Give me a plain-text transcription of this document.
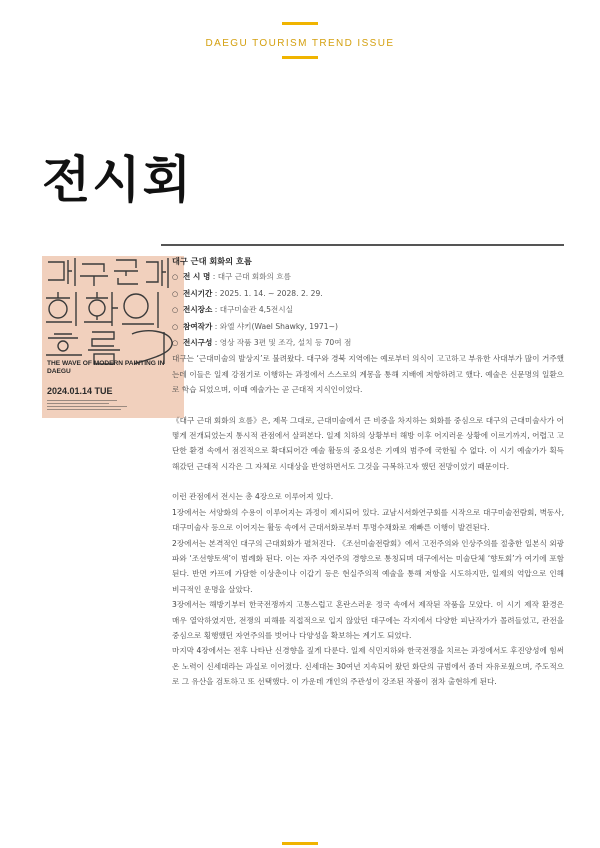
DAEGU TOURISM TREND ISSUE
전시회
THE WAVE OF MODERN PAINTING IN DAEGU
2024.01.14 TUE
대구 근대 회화의 흐름
○ 전 시 명 : 대구 근대 회화의 흐름
○ 전시기간 : 2025. 1. 14. ~ 2028. 2. 29.
○ 전시장소 : 대구미술관 4,5전시실
○ 참여작가 : 와엘 샤키(Wael Shawky, 1971~)
○ 전시구성 : 영상 작품 3편 및 조각, 설치 등 70여 점

대구는 ‘근대미술의 발상지’로 불려왔다. 대구와 경북 지역에는 예로부터 의식이 고고하고 부유한 사대부가 많이 거주했는데 이들은 일제 강점기로 이행하는 과정에서 스스로의 계몽을 통해 지배에 저항하려고 했다. 예술은 신문명의 일환으로 학습 되었으며, 이때 예술가는 곧 근대적 지식인이었다.

《대구 근대 회화의 흐름》은, 제목 그대로, 근대미술에서 큰 비중을 차지하는 회화를 중심으로 대구의 근대미술사가 어떻게 전개되었는지 통시적 관점에서 살펴본다. 일제 치하의 상황부터 해방 이후 어지러운 상황에 이르기까지, 어렵고 고단한 환경 속에서 점진적으로 확대되어간 예술 활동의 중요성은 기예의 범주에 국한될 수 없다. 이 시기 예술가가 획득해갔던 근대적 시각은 그 자체로 시대상을 반영하면서도 그것을 극복하고자 했던 전망이었기 때문이다.

이런 관점에서 전시는 총 4장으로 이루어져 있다.

1장에서는 서양화의 수용이 이루어지는 과정이 제시되어 있다. 교남시서화연구회를 시작으로 대구미술전람회, 벽동사, 대구미술사 등으로 이어지는 활동 속에서 근대서화로부터 투명수채화로 재빠른 이행이 발견된다.

2장에서는 본격적인 대구의 근대회화가 펼쳐진다. 《조선미술전람회》에서 고전주의와 인상주의를 절충한 일본식 외광파와 ‘조선향토색’이 범례화 된다. 이는 자주 자연주의 경향으로 통칭되며 대구에서는 미술단체 ‘향토회’가 여기에 포함된다. 반면 카프에 가담한 이상춘이나 이갑기 등은 현실주의적 예술을 통해 저항을 시도하지만, 일제의 억압으로 인해 비극적인 운명을 살았다.

3장에서는 해방기부터 한국전쟁까지 고통스럽고 혼란스러운 정국 속에서 제작된 작품을 모았다. 이 시기 제작 환경은 매우 열악하였지만, 전쟁의 피해를 직접적으로 입지 않았던 대구에는 각지에서 다양한 피난작가가 몰려들었고, 관전을 중심으로 횡행했던 자연주의를 벗어나 다양성을 확보하는 계기도 되었다.

마지막 4장에서는 전후 나타난 신경향을 짚게 다룬다. 일제 식민지하와 한국전쟁을 치르는 과정에서도 후진양성에 힘써온 노력이 신세대라는 과실로 이어졌다. 신세대는 30여년 지속되어 왔던 화단의 규범에서 좀더 자유로웠으며, 주도적으로 그 유산을 검토하고 또 선택했다. 이 가운데 개인의 주관성이 강조된 작품이 점차 출현하게 된다.
